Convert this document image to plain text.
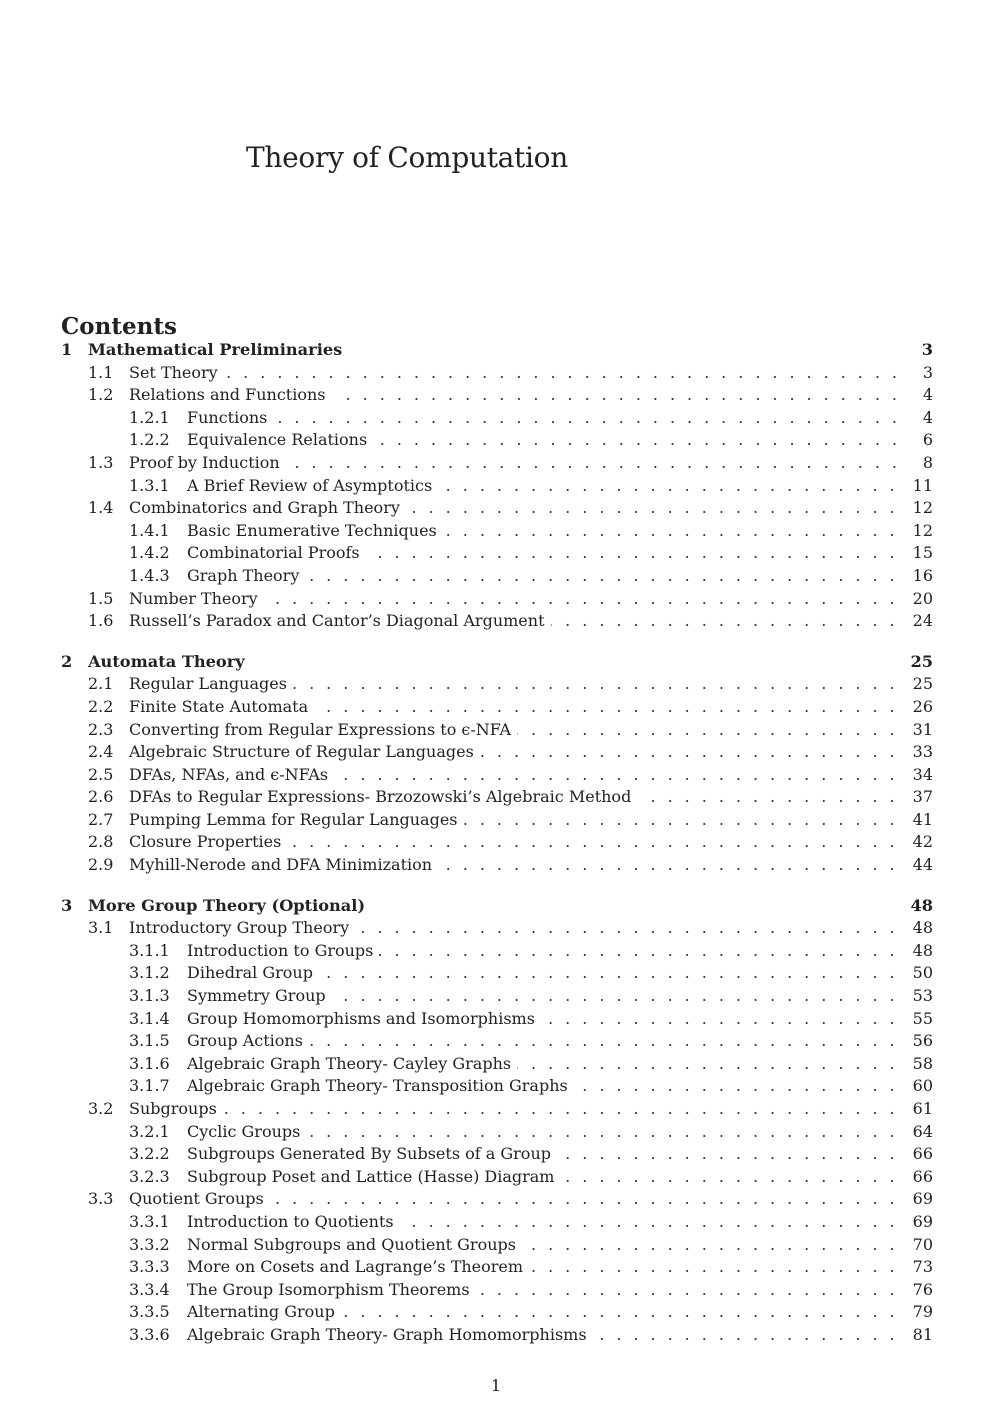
Theory of Computation
Contents
1 Mathematical Preliminaries	3
1.1 Set Theory . . .	3
1.2 Relations and Functions . . .	4
1.2.1	Functions . . .	4
1.2.2	Equivalence Relations . . .	6
1.3 Proof by Induction . . .	8
1.3.1	A Brief Review of Asymptotics . . .	11
1.4 Combinatorics and Graph Theory . . .	12
1.4.1	Basic Enumerative Techniques . . .	12
1.4.2	Combinatorial Proofs . . .	15
1.4.3	Graph Theory . . .	16
1.5 Number Theory . . .	20
1.6 Russell’s Paradox and Cantor’s Diagonal Argument . . .	24
2 Automata Theory	25
2.1 Regular Languages . . .	25
2.2 Finite State Automata . . .	26
2.3 Converting from Regular Expressions to ϵ-NFA . . .	31
2.4 Algebraic Structure of Regular Languages . . .	33
2.5 DFAs, NFAs, and ϵ-NFAs . . .	34
2.6 DFAs to Regular Expressions- Brzozowski’s Algebraic Method . . .	37
2.7 Pumping Lemma for Regular Languages . . .	41
2.8 Closure Properties . . .	42
2.9 Myhill-Nerode and DFA Minimization . . .	44
3 More Group Theory (Optional)	48
3.1 Introductory Group Theory . . .	48
3.1.1	Introduction to Groups . . .	48
3.1.2	Dihedral Group . . .	50
3.1.3	Symmetry Group . . .	53
3.1.4	Group Homomorphisms and Isomorphisms . . .	55
3.1.5	Group Actions . . .	56
3.1.6	Algebraic Graph Theory- Cayley Graphs . . .	58
3.1.7	Algebraic Graph Theory- Transposition Graphs . . .	60
3.2 Subgroups . . .	61
3.2.1	Cyclic Groups . . .	64
3.2.2	Subgroups Generated By Subsets of a Group . . .	66
3.2.3	Subgroup Poset and Lattice (Hasse) Diagram . . .	66
3.3 Quotient Groups . . .	69
3.3.1	Introduction to Quotients . . .	69
3.3.2	Normal Subgroups and Quotient Groups . . .	70
3.3.3	More on Cosets and Lagrange’s Theorem . . .	73
3.3.4	The Group Isomorphism Theorems . . .	76
3.3.5	Alternating Group . . .	79
3.3.6	Algebraic Graph Theory- Graph Homomorphisms . . .	81
1
